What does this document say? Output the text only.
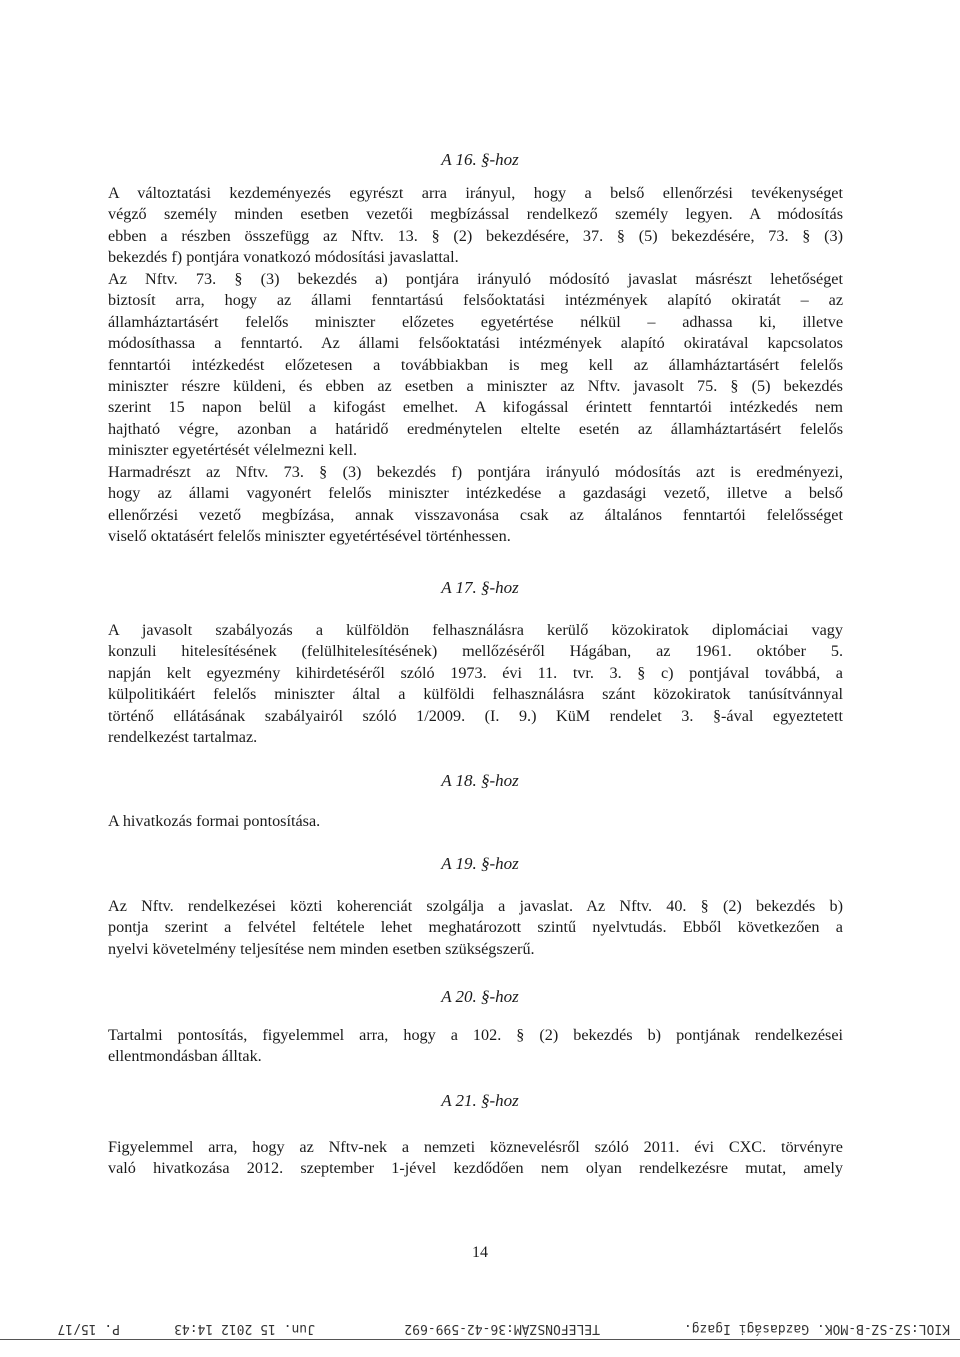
A 16. §-hoz
A változtatási kezdeményezés egyrészt arra irányul, hogy a belső ellenőrzési tevékenységet
végző személy minden esetben vezetői megbízással rendelkező személy legyen. A módosítás
ebben a részben összefügg az Nftv. 13. § (2) bekezdésére, 37. § (5) bekezdésére, 73. § (3)
bekezdés f) pontjára vonatkozó módosítási javaslattal.
Az Nftv. 73. § (3) bekezdés a) pontjára irányuló módosító javaslat másrészt lehetőséget
biztosít arra, hogy az állami fenntartású felsőoktatási intézmények alapító okiratát – az
államháztartásért felelős miniszter előzetes egyetértése nélkül – adhassa ki, illetve
módosíthassa a fenntartó. Az állami felsőoktatási intézmények alapító okiratával kapcsolatos
fenntartói intézkedést előzetesen a továbbiakban is meg kell az államháztartásért felelős
miniszter részre küldeni, és ebben az esetben a miniszter az Nftv. javasolt 75. § (5) bekezdés
szerint 15 napon belül a kifogást emelhet. A kifogással érintett fenntartói intézkedés nem
hajtható végre, azonban a határidő eredménytelen eltelte esetén az államháztartásért felelős
miniszter egyetértését vélelmezni kell.
Harmadrészt az Nftv. 73. § (3) bekezdés f) pontjára irányuló módosítás azt is eredményezi,
hogy az állami vagyonért felelős miniszter intézkedése a gazdasági vezető, illetve a belső
ellenőrzési vezető megbízása, annak visszavonása csak az általános fenntartói felelősséget
viselő oktatásért felelős miniszter egyetértésével történhessen.
A 17. §-hoz
A javasolt szabályozás a külföldön felhasználásra kerülő közokiratok diplomáciai vagy
konzuli hitelesítésének (felülhitelesítésének) mellőzéséről Hágában, az 1961. október 5.
napján kelt egyezmény kihirdetéséről szóló 1973. évi 11. tvr. 3. § c) pontjával továbbá, a
külpolitikáért felelős miniszter által a külföldi felhasználásra szánt közokiratok tanúsítvánnyal
történő ellátásának szabályairól szóló 1/2009. (I. 9.) KüM rendelet 3. §-ával egyeztetett
rendelkezést tartalmaz.
A 18. §-hoz
A hivatkozás formai pontosítása.
A 19. §-hoz
Az Nftv. rendelkezései közti koherenciát szolgálja a javaslat. Az Nftv. 40. § (2) bekezdés b)
pontja szerint a felvétel feltétele lehet meghatározott szintű nyelvtudás. Ebből következően a
nyelvi követelmény teljesítése nem minden esetben szükségszerű.
A 20. §-hoz
Tartalmi pontosítás, figyelemmel arra, hogy a 102. § (2) bekezdés b) pontjának rendelkezései
ellentmondásban álltak.
A 21. §-hoz
Figyelemmel arra, hogy az Nftv-nek a nemzeti köznevelésről szóló 2011. évi CXC. törvényre
való hivatkozása 2012. szeptember 1-jével kezdődően nem olyan rendelkezésre mutat, amely
14
KIOL:SZ-SZ-B-MOK. Gazdasági Igazg.
TELEFONSZÁM:36-42-599-692
Jun. 15 2012 14:43
P. 15/17
